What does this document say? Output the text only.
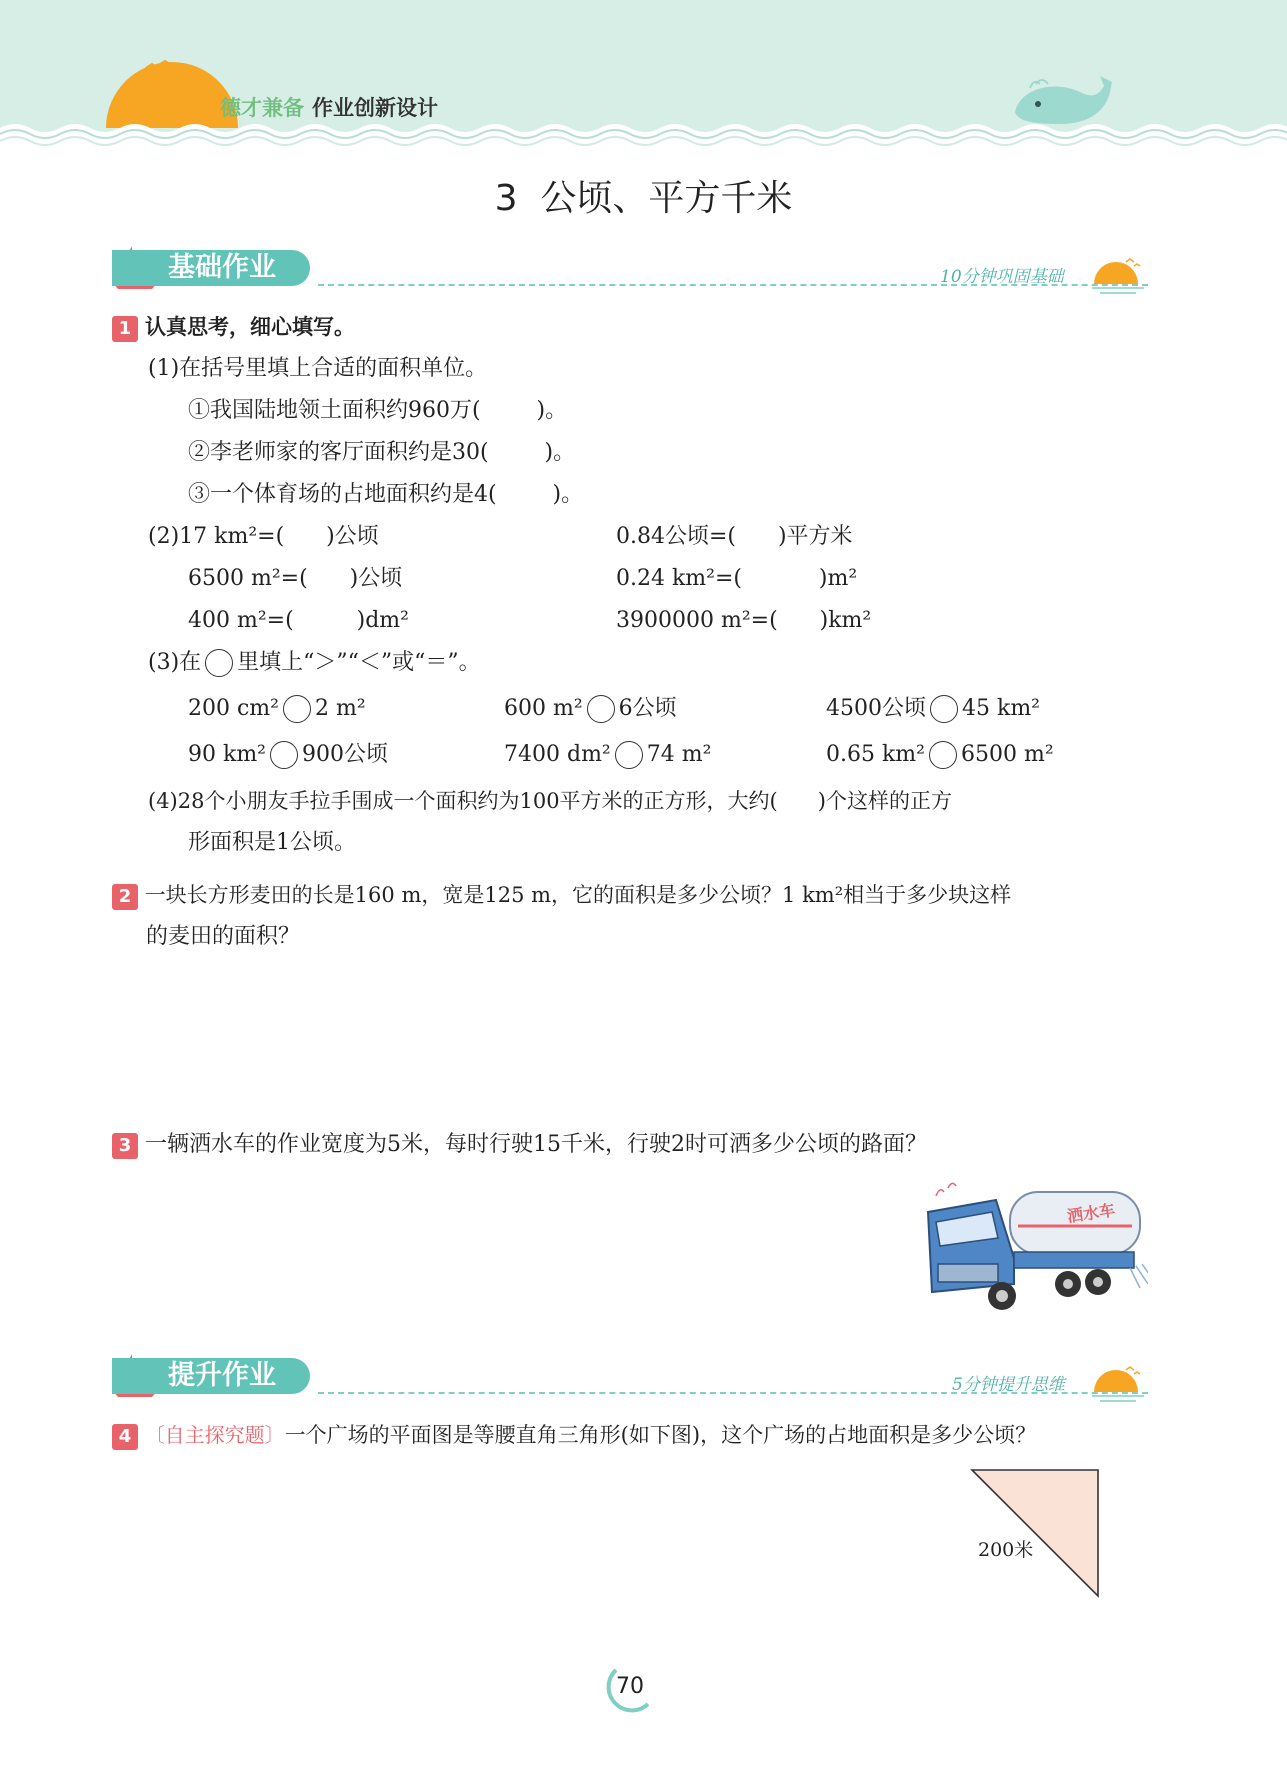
德才兼备 作业创新设计
3  公顷、平方千米
基础作业	10分钟巩固基础
1 认真思考，细心填写。
(1)在括号里填上合适的面积单位。
①我国陆地领土面积约960万(        )。
②李老师家的客厅面积约是30(        )。
③一个体育场的占地面积约是4(        )。
(2)17 km²=(      )公顷	0.84公顷=(      )平方米
6500 m²=(      )公顷	0.24 km²=(           )m²
400 m²=(         )dm²	3900000 m²=(      )km²
(3)在 里填上“＞”“＜”或“＝”。
200 cm² 2 m²	600 m² 6公顷	4500公顷 45 km²
90 km² 900公顷	7400 dm² 74 m²	0.65 km² 6500 m²
(4)28个小朋友手拉手围成一个面积约为100平方米的正方形，大约(      )个这样的正方
形面积是1公顷。
2 一块长方形麦田的长是160 m，宽是125 m，它的面积是多少公顷？1 km²相当于多少块这样
的麦田的面积？
3 一辆洒水车的作业宽度为5米，每时行驶15千米，行驶2时可洒多少公顷的路面？
洒水车
提升作业	5分钟提升思维
4 〔自主探究题〕一个广场的平面图是等腰直角三角形(如下图)，这个广场的占地面积是多少公顷？
200米
70
